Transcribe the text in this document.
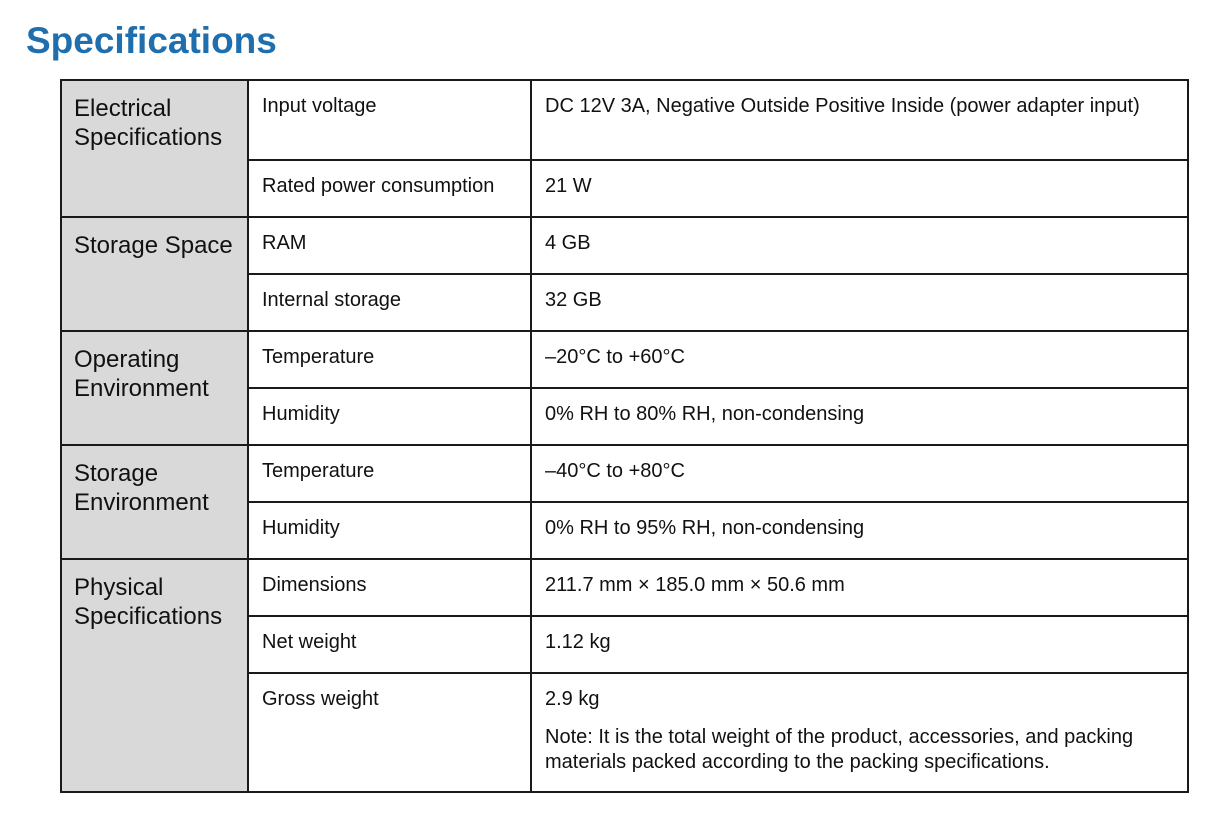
Specifications
Electrical Specifications	Input voltage	DC 12V 3A, Negative Outside Positive Inside (power adapter input)
	Rated power consumption	21 W
Storage Space	RAM	4 GB
	Internal storage	32 GB
Operating Environment	Temperature	–20°C to +60°C
	Humidity	0% RH to 80% RH, non-condensing
Storage Environment	Temperature	–40°C to +80°C
	Humidity	0% RH to 95% RH, non-condensing
Physical Specifications	Dimensions	211.7 mm × 185.0 mm × 50.6 mm
	Net weight	1.12 kg
	Gross weight	2.9 kg
Note: It is the total weight of the product, accessories, and packing materials packed according to the packing specifications.
